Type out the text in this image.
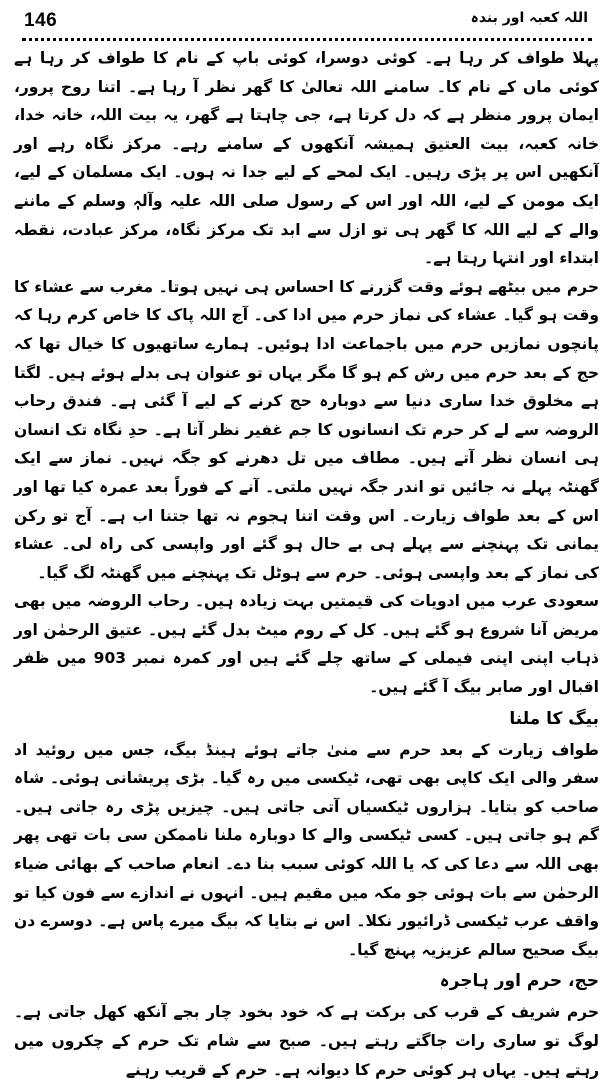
146	اللہ کعبہ اور بندہ

پہلا طواف کر رہا ہے۔ کوئی دوسرا، کوئی باپ کے نام کا طواف کر رہا ہے کوئی ماں کے نام کا۔ سامنے اللہ تعالیٰ کا گھر نظر آ رہا ہے۔ اتنا روح پرور، ایمان پرور منظر ہے کہ دل کرتا ہے، جی چاہتا ہے گھر، یہ بیت اللہ، خانہ خدا، خانہ کعبہ، بیت العتیق ہمیشہ آنکھوں کے سامنے رہے۔ مرکز نگاہ رہے اور آنکھیں اس پر پڑی رہیں۔ ایک لمحے کے لیے جدا نہ ہوں۔ ایک مسلمان کے لیے، ایک مومن کے لیے، اللہ اور اس کے رسول صلی اللہ علیہ وآلہٖ وسلم کے ماننے والے کے لیے اللہ کا گھر ہی تو ازل سے ابد تک مرکز نگاہ، مرکز عبادت، نقطہ ابتداء اور انتہا رہتا ہے۔

حرم میں بیٹھے ہوئے وقت گزرنے کا احساس ہی نہیں ہوتا۔ مغرب سے عشاء کا وقت ہو گیا۔ عشاء کی نماز حرم میں ادا کی۔ آج اللہ پاک کا خاص کرم رہا کہ پانچوں نمازیں حرم میں باجماعت ادا ہوئیں۔ ہمارے ساتھیوں کا خیال تھا کہ حج کے بعد حرم میں رش کم ہو گا مگر یہاں تو عنوان ہی بدلے ہوئے ہیں۔ لگتا ہے مخلوق خدا ساری دنیا سے دوبارہ حج کرنے کے لیے آ گئی ہے۔ فندق رحاب الروضہ سے لے کر حرم تک انسانوں کا جم غفیر نظر آتا ہے۔ حدِ نگاہ تک انسان ہی انسان نظر آتے ہیں۔ مطاف میں تل دھرنے کو جگہ نہیں۔ نماز سے ایک گھنٹہ پہلے نہ جائیں تو اندر جگہ نہیں ملتی۔ آنے کے فوراً بعد عمرہ کیا تھا اور اس کے بعد طواف زیارت۔ اس وقت اتنا ہجوم نہ تھا جتنا اب ہے۔ آج تو رکن یمانی تک پہنچنے سے پہلے ہی بے حال ہو گئے اور واپسی کی راہ لی۔ عشاء کی نماز کے بعد واپسی ہوئی۔ حرم سے ہوٹل تک پہنچنے میں گھنٹہ لگ گیا۔

سعودی عرب میں ادویات کی قیمتیں بہت زیادہ ہیں۔ رحاب الروضہ میں بھی مریض آنا شروع ہو گئے ہیں۔ کل کے روم میٹ بدل گئے ہیں۔ عتیق الرحمٰن اور ذہاب اپنی اپنی فیملی کے ساتھ چلے گئے ہیں اور کمرہ نمبر 903 میں ظفر اقبال اور صابر بیگ آ گئے ہیں۔

بیگ کا ملنا

طواف زیارت کے بعد حرم سے منیٰ جاتے ہوئے ہینڈ بیگ، جس میں روئید اد سفر والی ایک کاپی بھی تھی، ٹیکسی میں رہ گیا۔ بڑی پریشانی ہوئی۔ شاہ صاحب کو بتایا۔ ہزاروں ٹیکسیاں آتی جاتی ہیں۔ چیزیں پڑی رہ جاتی ہیں۔ گم ہو جاتی ہیں۔ کسی ٹیکسی والے کا دوبارہ ملنا ناممکن سی بات تھی پھر بھی اللہ سے دعا کی کہ یا اللہ کوئی سبب بنا دے۔ انعام صاحب کے بھائی ضیاء الرحمٰن سے بات ہوئی جو مکہ میں مقیم ہیں۔ انہوں نے اندازے سے فون کیا تو واقف عرب ٹیکسی ڈرائیور نکلا۔ اس نے بتایا کہ بیگ میرے پاس ہے۔ دوسرے دن بیگ صحیح سالم عزیزیہ پہنچ گیا۔

حج، حرم اور ہاجرہ

حرم شریف کے قرب کی برکت ہے کہ خود بخود چار بجے آنکھ کھل جاتی ہے۔ لوگ تو ساری رات جاگتے رہتے ہیں۔ صبح سے شام تک حرم کے چکروں میں رہتے ہیں۔ یہاں ہر کوئی حرم کا دیوانہ ہے۔ حرم کے قریب رہنے
